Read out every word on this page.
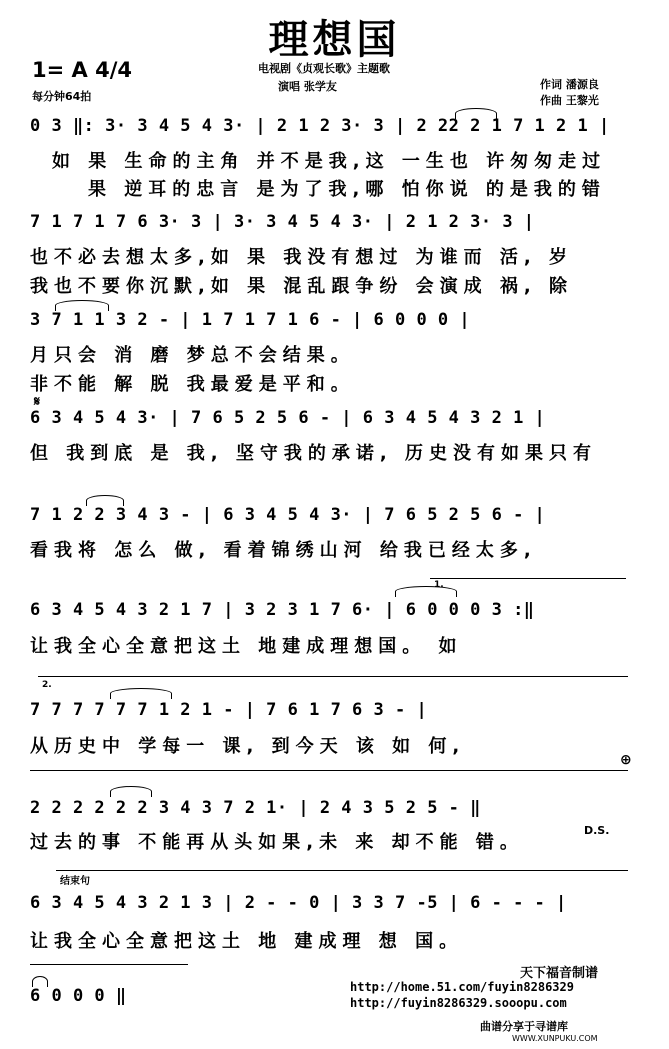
理想国
1= A 4/4
每分钟64拍
电视剧《贞观长歌》主题歌
演唱 张学友	作词 潘源良
作曲 王黎光
0 3 ‖: 3· 3 4 5 4 3· | 2 1 2 3· 3 | 2 22 2 1 7 1 2 1 |
如 果 生命的主角 并不是我,这 一生也 许匆匆走过
果 逆耳的忠言 是为了我,哪 怕你说 的是我的错
7 1 7 1 7 6 3· 3 | 3· 3 4 5 4 3· | 2 1 2 3· 3 |
也不必去想太多,如 果 我没有想过 为谁而 活, 岁
我也不要你沉默,如 果 混乱跟争纷 会演成 祸, 除
3 7 1 1 3 2 - | 1 7 1 7 1 6 - | 6 0 0 0 |
月只会 消 磨 梦总不会结果。
非不能 解 脱 我最爱是平和。
𝄋
6 3 4 5 4 3· | 7 6 5 2 5 6 - | 6 3 4 5 4 3 2 1 |
但 我到底 是 我, 坚守我的承诺, 历史没有如果只有
7 1 2 2 3 4 3 - | 6 3 4 5 4 3· | 7 6 5 2 5 6 - |
看我将 怎么 做, 看着锦绣山河 给我已经太多,
1.
6 3 4 5 4 3 2 1 7 | 3 2 3 1 7 6· | 6 0 0 0 3 :‖
让我全心全意把这土 地建成理想国。 如
2.
7 7 7 7 7 7 1 2 1 - | 7 6 1 7 6 3 - |
从历史中 学每一 课, 到今天 该 如 何,
⊕
2 2 2 2 2 2 3 4 3 7 2 1· | 2 4 3 5 2 5 - ‖
过去的事 不能再从头如果,未 来 却不能 错。
D.S.
结束句
6 3 4 5 4 3 2 1 3 | 2 - - 0 | 3 3 7 -5 | 6 - - - |
让我全心全意把这土 地 建成理 想 国。
6 0 0 0 ‖
天下福音制谱
http://home.51.com/fuyin8286329
http://fuyin8286329.sooopu.com
曲谱分享于寻谱库
WWW.XUNPUKU.COM
